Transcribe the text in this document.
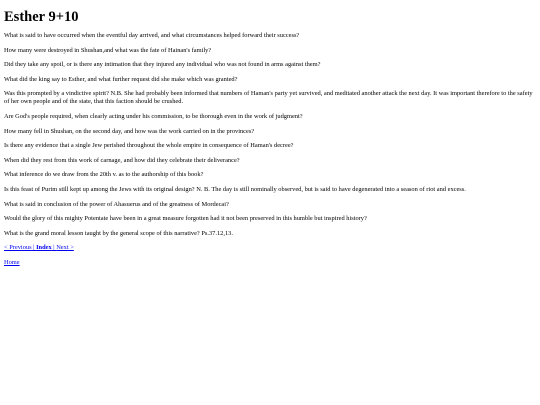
Esther 9+10

What is said to have occurred when the eventful day arrived, and what circumstances helped forward their success?

How many were destroyed in Shushan,and what was the fate of Hainan's family?

Did they take any spoil, or is there any intimation that they injured any individual who was not found in arms against them?

What did the king say to Esther, and what further request did she make which was granted?

Was this prompted by a vindictive spirit? N.B. She had probably been informed that numbers of Haman's party yet survived, and meditated another attack the next day. It was important therefore to the safety of her own people and of the state, that this faction should be crushed.

Are God's people required, when clearly acting under his commission, to be thorough even in the work of judgment?

How many fell in Shushan, on the second day, and how was the work carried on in the provinces?

Is there any evidence that a single Jew perished throughout the whole empire in consequence of Haman's decree?

When did they rest from this work of carnage, and how did they celebrate their deliverance?

What inference do we draw from the 20th v. as to the authorship of this book?

Is this feast of Purim still kept up among the Jews with its original design? N. B. The day is still nominally observed, but is said to have degenerated into a season of riot and excess.

What is said in conclusion of the power of Ahasuerus and of the greatness of Mordecai?

Would the glory of this mighty Potentate have been in a great measure forgotten had it not been preserved in this humble but inspired history?

What is the grand moral lesson taught by the general scope of this narrative? Ps.37.12,13.

< Previous | Index | Next >

Home
